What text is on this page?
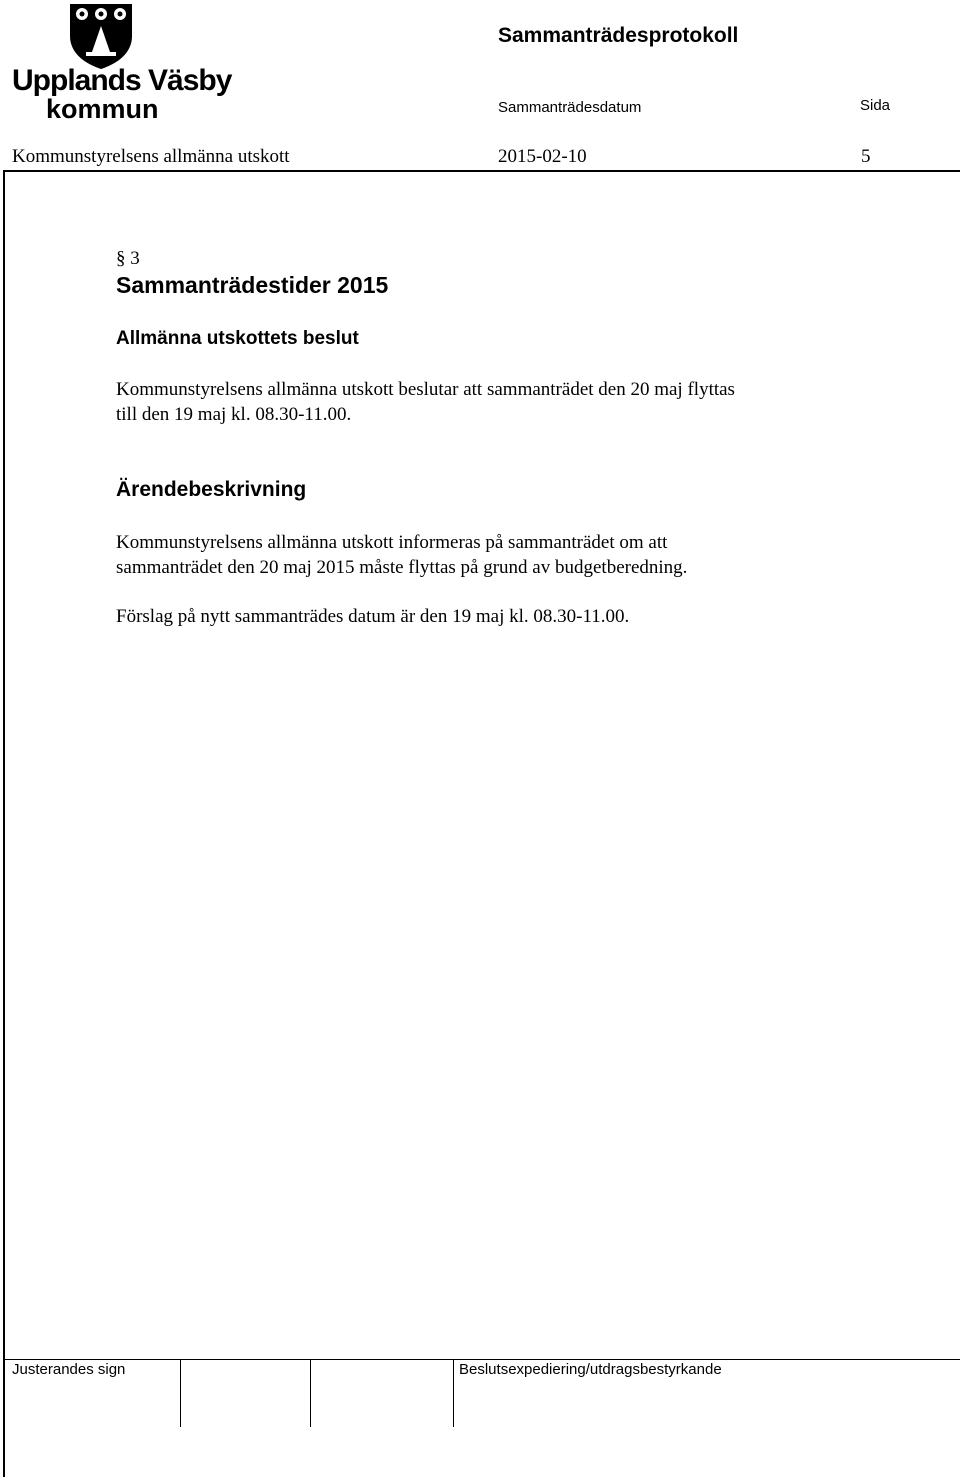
Upplands Väsby
kommun
Sammanträdesprotokoll
Sammanträdesdatum	Sida
Kommunstyrelsens allmänna utskott	2015-02-10	5
§ 3
Sammanträdestider 2015
Allmänna utskottets beslut
Kommunstyrelsens allmänna utskott beslutar att sammanträdet den 20 maj flyttas
till den 19 maj kl. 08.30-11.00.
Ärendebeskrivning
Kommunstyrelsens allmänna utskott informeras på sammanträdet om att
sammanträdet den 20 maj 2015 måste flyttas på grund av budgetberedning.
Förslag på nytt sammanträdes datum är den 19 maj kl. 08.30-11.00.
Justerandes sign	Beslutsexpediering/utdragsbestyrkande
